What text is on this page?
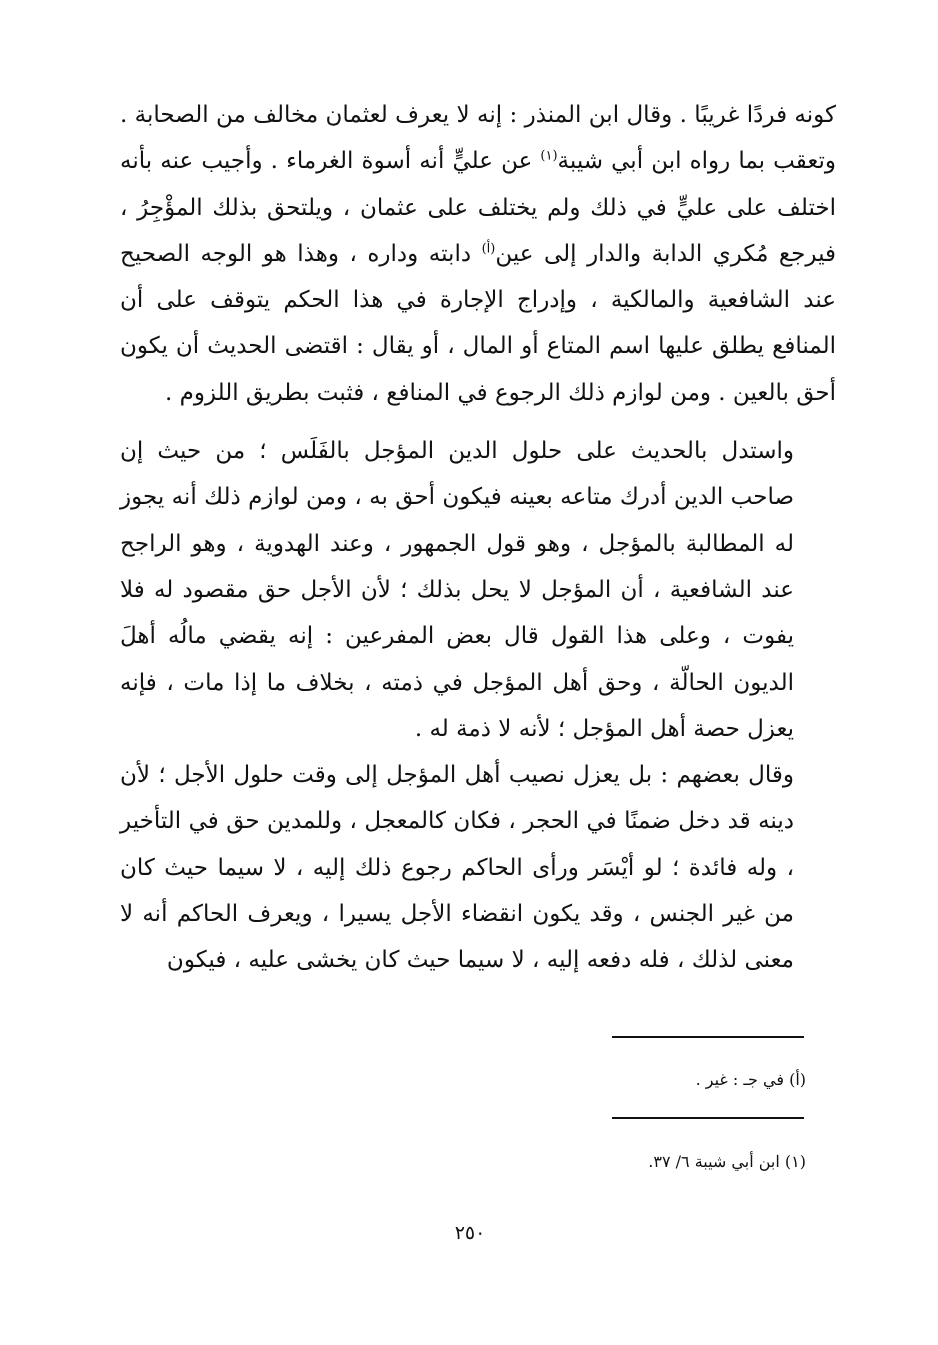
كونه فردًا غريبًا . وقال ابن المنذر : إنه لا يعرف لعثمان مخالف من الصحابة . وتعقب بما رواه ابن أبي شيبة$^{(١)}$ عن عليٍّ أنه أسوة الغرماء . وأجيب عنه بأنه اختلف على عليٍّ في ذلك ولم يختلف على عثمان ، ويلتحق بذلك المؤْجِرُ ، فيرجع مُكري الدابة والدار إلى عين$^{(أ)}$ دابته وداره ، وهذا هو الوجه الصحيح عند الشافعية والمالكية ، وإدراج الإجارة في هذا الحكم يتوقف على أن المنافع يطلق عليها اسم المتاع أو المال ، أو يقال : اقتضى الحديث أن يكون أحق بالعين . ومن لوازم ذلك الرجوع في المنافع ، فثبت بطريق اللزوم .

واستدل بالحديث على حلول الدين المؤجل بالفَلَس ؛ من حيث إن صاحب الدين أدرك متاعه بعينه فيكون أحق به ، ومن لوازم ذلك أنه يجوز له المطالبة بالمؤجل ، وهو قول الجمهور ، وعند الهدوية ، وهو الراجح عند الشافعية ، أن المؤجل لا يحل بذلك ؛ لأن الأجل حق مقصود له فلا يفوت ، وعلى هذا القول قال بعض المفرعين : إنه يقضي مالُه أهلَ الديون الحالّة ، وحق أهل المؤجل في ذمته ، بخلاف ما إذا مات ، فإنه يعزل حصة أهل المؤجل ؛ لأنه لا ذمة له .

وقال بعضهم : بل يعزل نصيب أهل المؤجل إلى وقت حلول الأجل ؛ لأن دينه قد دخل ضمنًا في الحجر ، فكان كالمعجل ، وللمدين حق في التأخير ، وله فائدة ؛ لو أيْسَر ورأى الحاكم رجوع ذلك إليه ، لا سيما حيث كان من غير الجنس ، وقد يكون انقضاء الأجل يسيرا ، ويعرف الحاكم أنه لا معنى لذلك ، فله دفعه إليه ، لا سيما حيث كان يخشى عليه ، فيكون

(أ) في جـ : غير .
(١) ابن أبي شيبة ٦/ ٣٧.
٢٥٠
